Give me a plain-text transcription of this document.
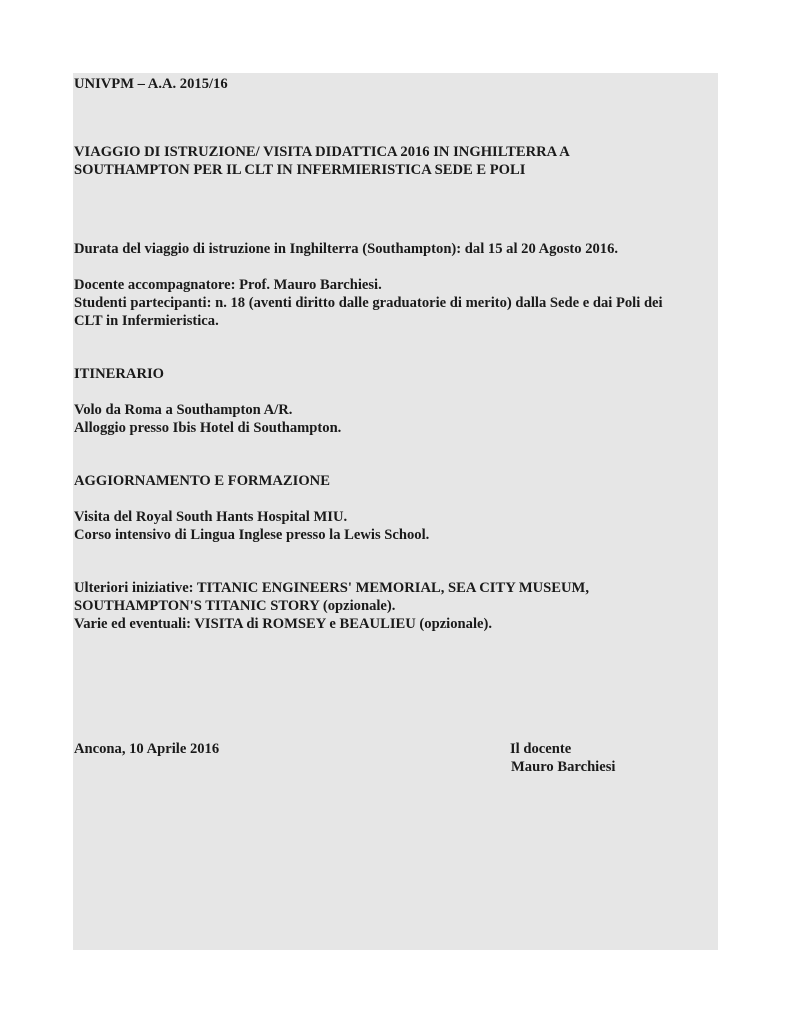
UNIVPM – A.A. 2015/16
VIAGGIO DI ISTRUZIONE/ VISITA DIDATTICA 2016 IN INGHILTERRA A
SOUTHAMPTON PER IL CLT IN INFERMIERISTICA SEDE E POLI
Durata del viaggio di istruzione in Inghilterra (Southampton): dal 15 al 20 Agosto 2016.
Docente accompagnatore: Prof. Mauro Barchiesi.
Studenti partecipanti: n. 18 (aventi diritto dalle graduatorie di merito) dalla Sede e dai Poli dei
CLT in Infermieristica.
ITINERARIO
Volo da Roma a Southampton A/R.
Alloggio presso Ibis Hotel di Southampton.
AGGIORNAMENTO E FORMAZIONE
Visita del Royal South Hants Hospital MIU.
Corso intensivo di Lingua Inglese presso la Lewis School.
Ulteriori iniziative: TITANIC ENGINEERS' MEMORIAL, SEA CITY MUSEUM,
SOUTHAMPTON'S TITANIC STORY (opzionale).
Varie ed eventuali: VISITA di ROMSEY e BEAULIEU (opzionale).
Ancona, 10 Aprile 2016	Il docente
Mauro Barchiesi
